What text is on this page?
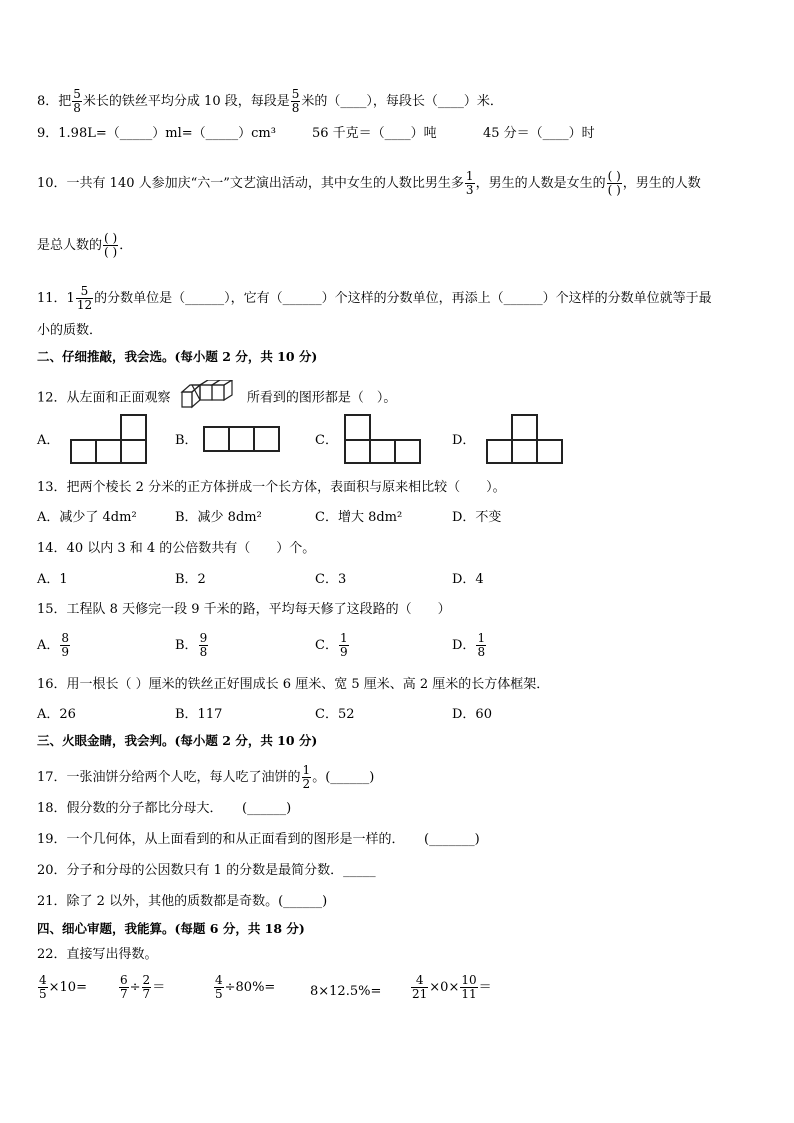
8．把 $\frac{5}{8}$ 米长的铁丝平均分成 10 段，每段是 $\frac{5}{8}$ 米的（____），每段长（____）米．
9．1.98L=（_____）ml=（_____）cm³	56 千克＝（____）吨	45 分＝（____）时
10．一共有 140 人参加庆“六一”文艺演出活动，其中女生的人数比男生多 $\frac{1}{3}$ ，男生的人数是女生的 $\frac{( )}{( )}$ ，男生的人数
是总人数的 $\frac{( )}{( )}$ ．
11．$1 \frac{5}{12}$ 的分数单位是（______），它有（______）个这样的分数单位，再添上（______）个这样的分数单位就等于最
小的质数．
二、仔细推敲，我会选。(每小题 2 分，共 10 分)
12．从左面和正面观察	所看到的图形都是（　）。
A．	B．	C．	D．
13．把两个棱长 2 分米的正方体拼成一个长方体，表面积与原来相比较（　　）。
A．减少了 4dm²	B．减少 8dm²	C．增大 8dm²	D．不变
14．40 以内 3 和 4 的公倍数共有（　　）个。
A．1	B．2	C．3	D．4
15．工程队 8 天修完一段 9 千米的路，平均每天修了这段路的（　　）
A． $\frac{8}{9}$	B． $\frac{9}{8}$	C． $\frac{1}{9}$	D． $\frac{1}{8}$
16．用一根长（ ）厘米的铁丝正好围成长 6 厘米、宽 5 厘米、高 2 厘米的长方体框架．
A．26	B．117	C．52	D．60
三、火眼金睛，我会判。(每小题 2 分，共 10 分)
17．一张油饼分给两个人吃，每人吃了油饼的 $\frac{1}{2}$ 。(______)
18．假分数的分子都比分母大．　　(______)
19．一个几何体，从上面看到的和从正面看到的图形是一样的．　　(_______)
20．分子和分母的公因数只有 1 的分数是最简分数．_____
21．除了 2 以外，其他的质数都是奇数。(______)
四、细心审题，我能算。(每题 6 分，共 18 分)
22．直接写出得数。
$\frac{4}{5} \times 10=$	$\frac{6}{7} \div \frac{2}{7}$ ＝	$\frac{4}{5} \div 80\%=$	$8\times 12.5\%= \frac{4}{21} \times 0\times \frac{10}{11}$ ＝
